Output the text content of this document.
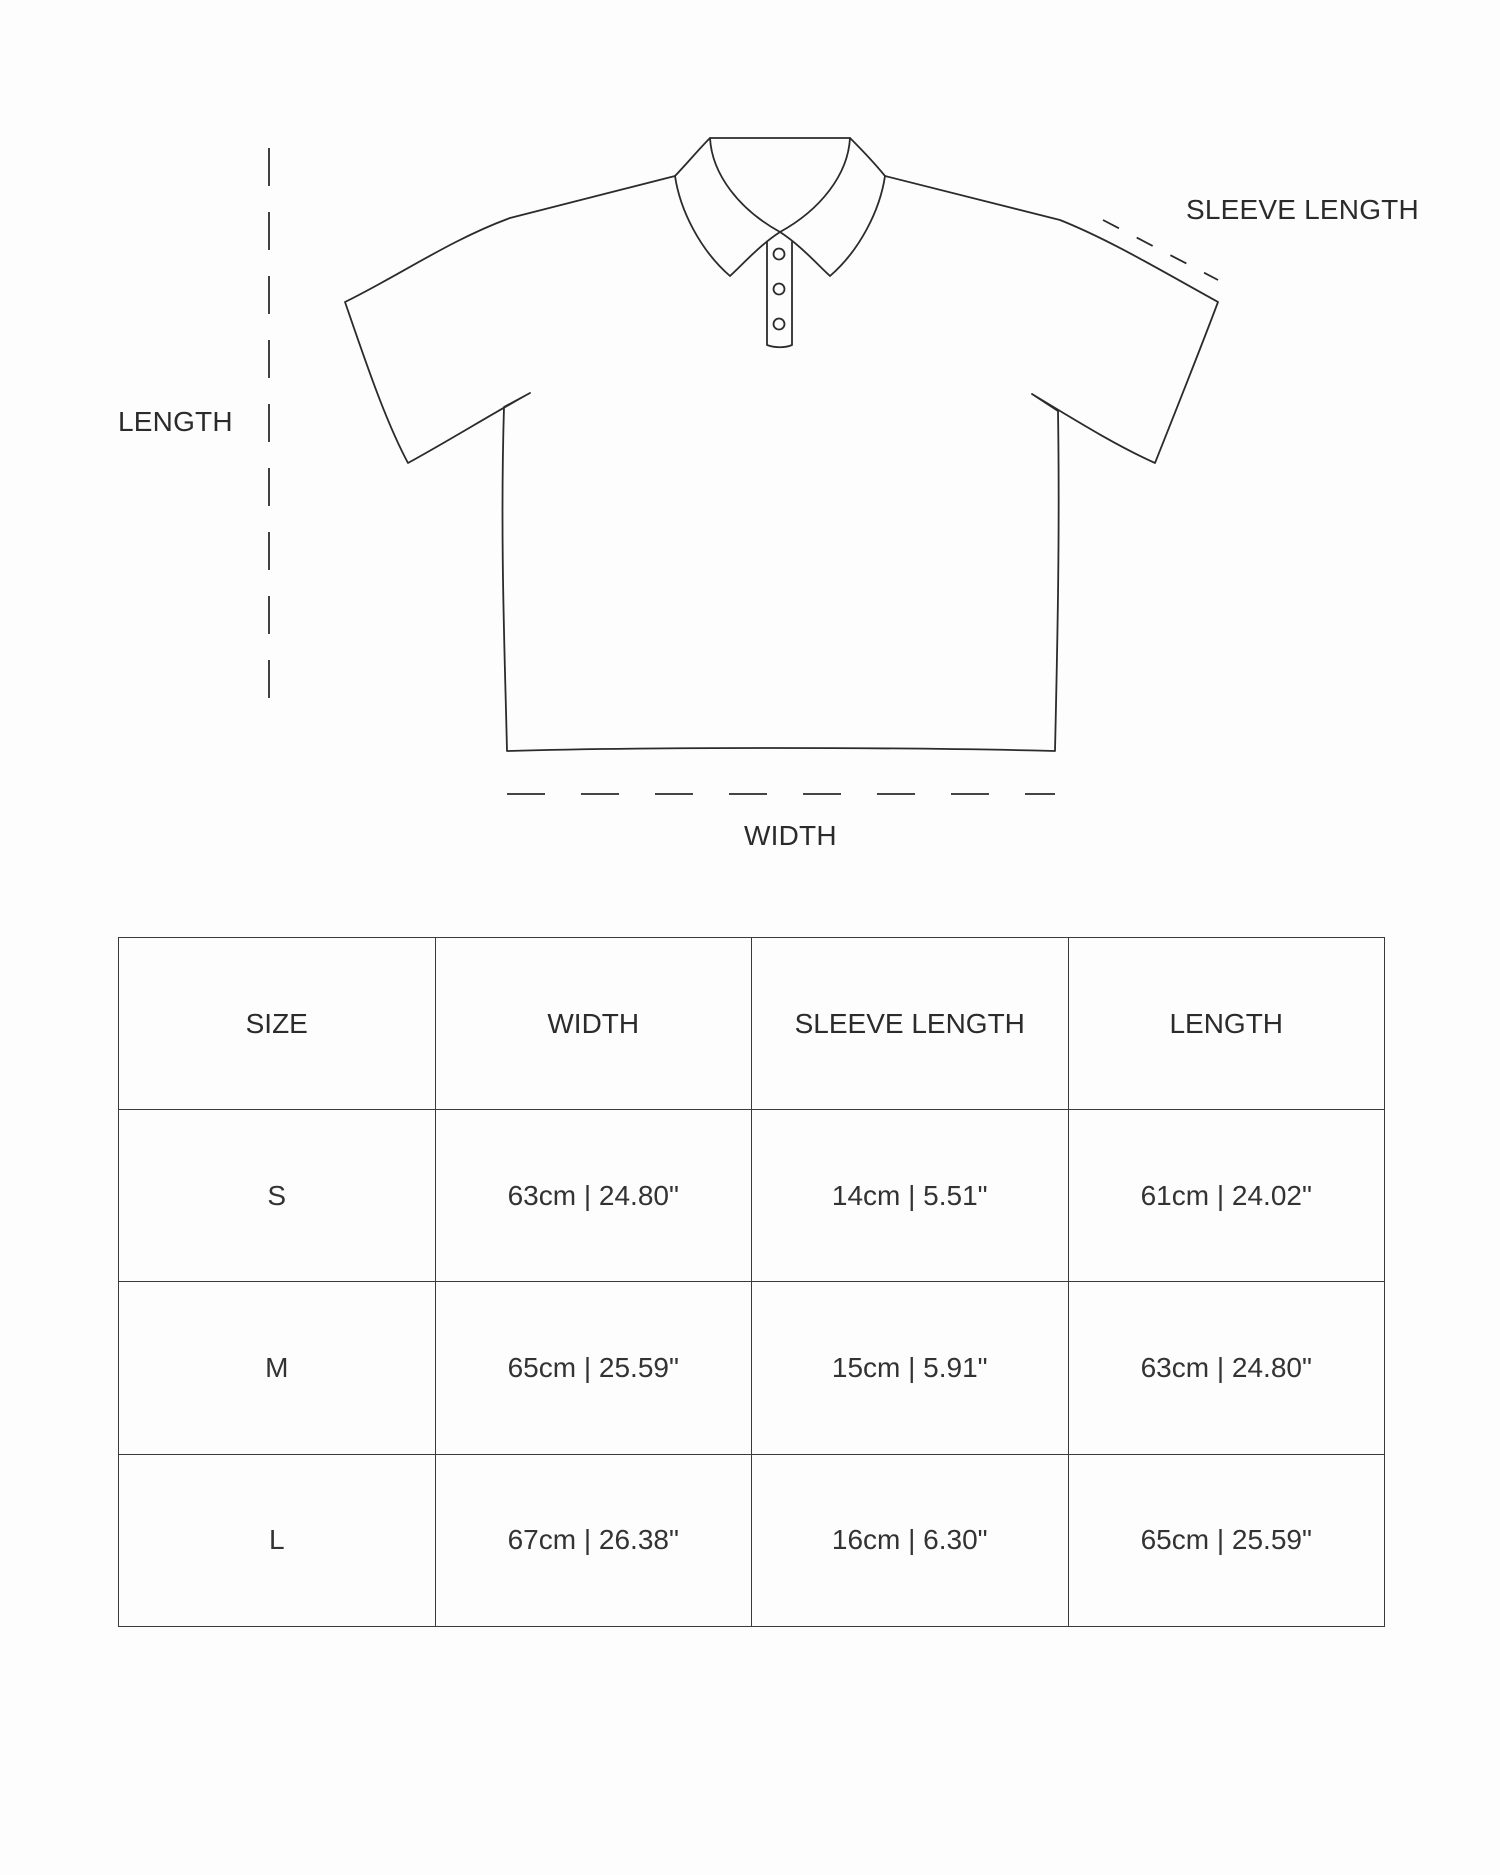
LENGTH
SLEEVE LENGTH
WIDTH
SIZE	WIDTH	SLEEVE LENGTH	LENGTH
S	63cm | 24.80"	14cm | 5.51"	61cm | 24.02"
M	65cm | 25.59"	15cm | 5.91"	63cm | 24.80"
L	67cm | 26.38"	16cm | 6.30"	65cm | 25.59"
